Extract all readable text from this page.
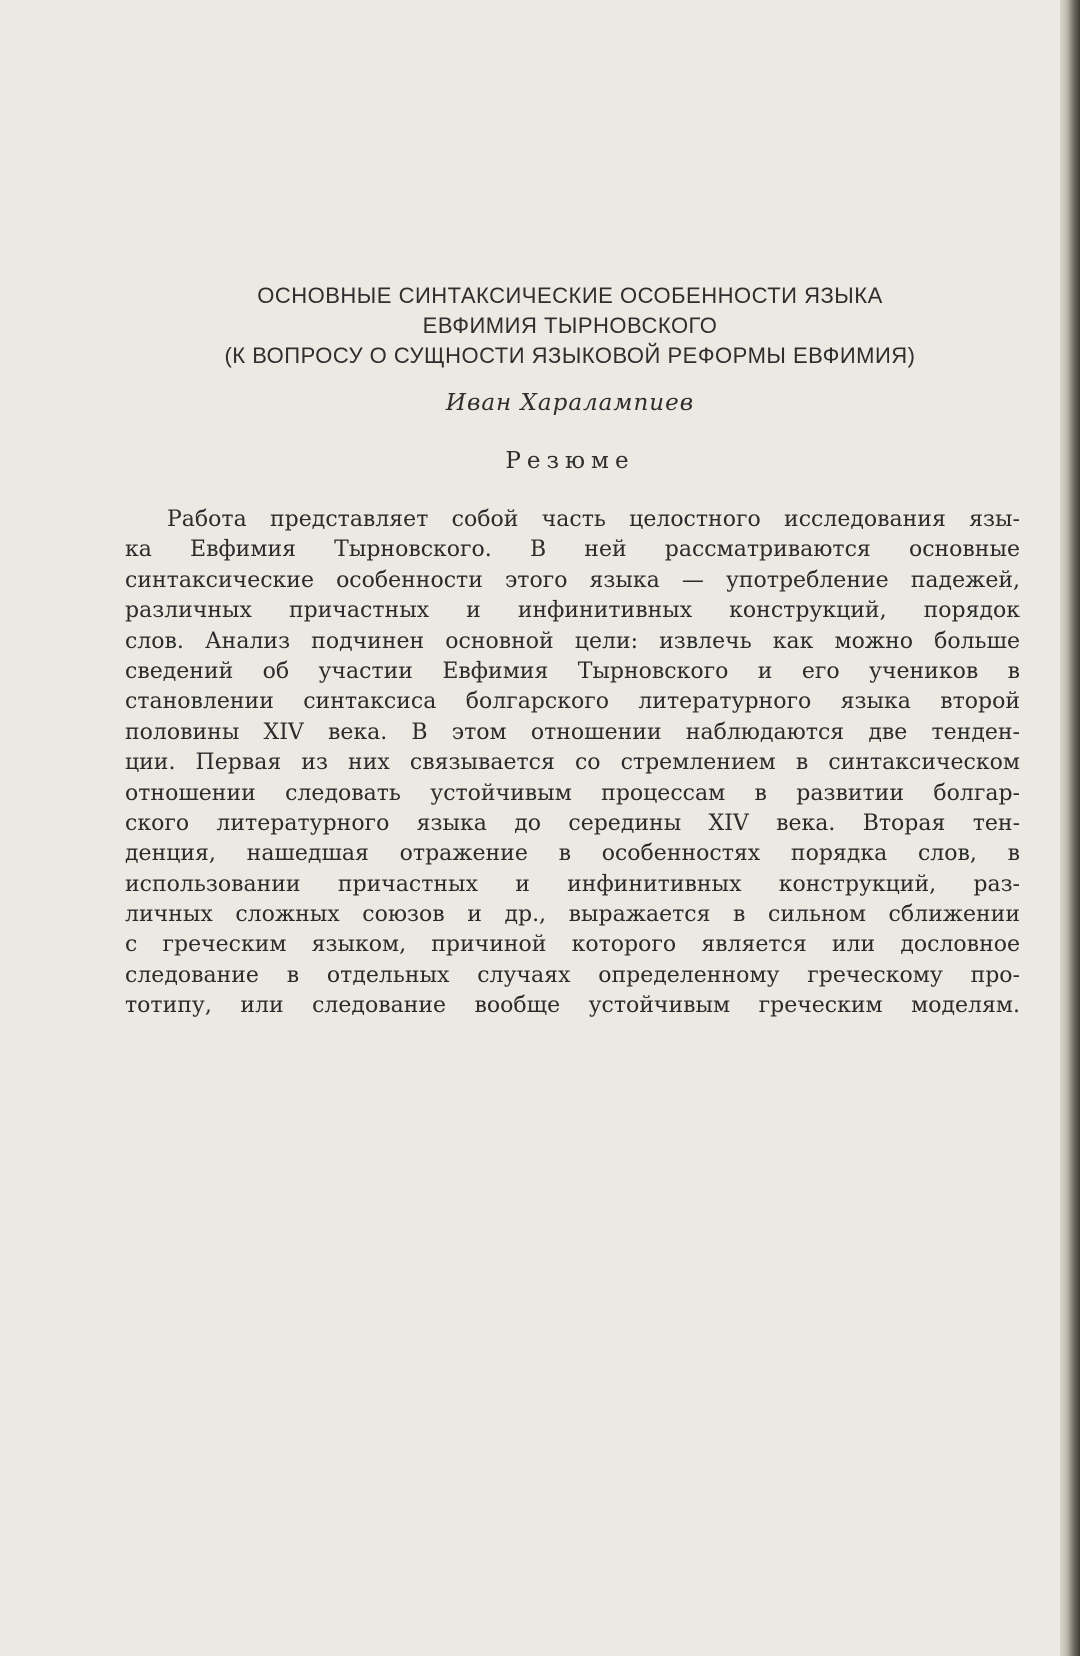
ОСНОВНЫЕ СИНТАКСИЧЕСКИЕ ОСОБЕННОСТИ ЯЗЫКА
ЕВФИМИЯ ТЫРНОВСКОГО
(К ВОПРОСУ О СУЩНОСТИ ЯЗЫКОВОЙ РЕФОРМЫ ЕВФИМИЯ)
Иван Харалампиев
Резюме
Работа представляет собой часть целостного исследования язы-
ка Евфимия Тырновского. В ней рассматриваются основные
синтаксические особенности этого языка — употребление падежей,
различных причастных и инфинитивных конструкций, порядок
слов. Анализ подчинен основной цели: извлечь как можно больше
сведений об участии Евфимия Тырновского и его учеников в
становлении синтаксиса болгарского литературного языка второй
половины XIV века. В этом отношении наблюдаются две тенден-
ции. Первая из них связывается со стремлением в синтаксическом
отношении следовать устойчивым процессам в развитии болгар-
ского литературного языка до середины XIV века. Вторая тен-
денция, нашедшая отражение в особенностях порядка слов, в
использовании причастных и инфинитивных конструкций, раз-
личных сложных союзов и др., выражается в сильном сближении
с греческим языком, причиной которого является или дословное
следование в отдельных случаях определенному греческому про-
тотипу, или следование вообще устойчивым греческим моделям.
